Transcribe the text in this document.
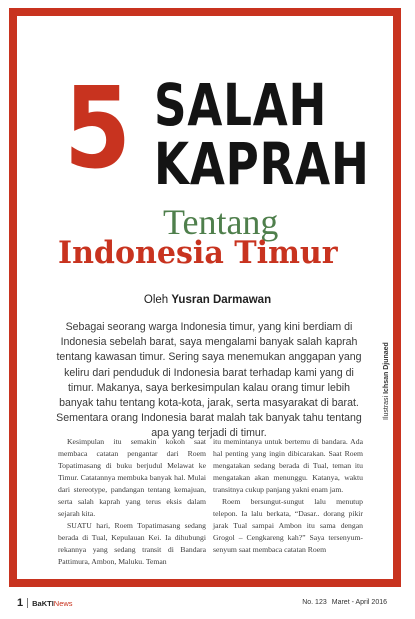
5 SALAH
KAPRAH
Tentang
Indonesia Timur
Oleh Yusran Darmawan

Sebagai seorang warga Indonesia timur, yang kini berdiam di Indonesia sebelah barat, saya mengalami banyak salah kaprah tentang kawasan timur. Sering saya menemukan anggapan yang keliru dari penduduk di Indonesia barat terhadap kami yang di timur. Makanya, saya berkesimpulan kalau orang timur lebih banyak tahu tentang kota-kota, jarak, serta masyarakat di barat. Sementara orang Indonesia barat malah tak banyak tahu tentang apa yang terjadi di timur.

Kesimpulan itu semakin kokoh saat membaca catatan pengantar dari Roem Topatimasang di buku berjudul Melawat ke Timur. Catatannya membuka banyak hal. Mulai dari stereotype, pandangan tentang kemajuan, serta salah kaprah yang terus eksis dalam sejarah kita.

SUATU hari, Roem Topatimasang sedang berada di Tual, Kepulauan Kei. Ia dihubungi rekannya yang sedang transit di Bandara Pattimura, Ambon, Maluku. Teman

itu memintanya untuk bertemu di bandara. Ada hal penting yang ingin dibicarakan. Saat Roem mengatakan sedang berada di Tual, teman itu mengatakan akan menunggu. Katanya, waktu transitnya cukup panjang yakni enam jam.

Roem bersungut-sungut lalu menutup telepon. Ia lalu berkata, “Dasar.. dorang pikir jarak Tual sampai Ambon itu sama dengan Grogol – Cengkareng kah?” Saya tersenyum-senyum saat membaca catatan Roem

Ilustrasi Ichsan Djunaed
1 BaKTINews	No. 123 Maret - April 2016
